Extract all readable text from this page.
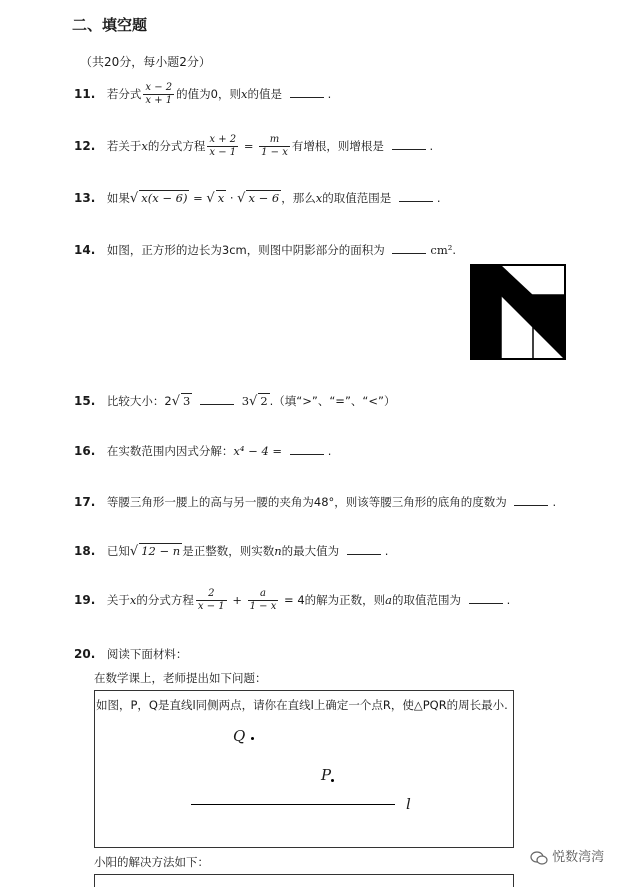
二、填空题
（共20分，每小题2分）
11. 若分式 $\frac{x - 2}{x + 1}$ 的值为0，则x的值是	.
12. 若关于x的分式方程 $\frac{x + 2}{x - 1} = \frac{m}{1 - x}$ 有增根，则增根是	.
13. 如果√ x(x − 6) = √ x · √ x − 6 ，那么x的取值范围是	.
14. 如图，正方形的边长为3cm，则图中阴影部分的面积为	cm².
15. 比较大小：2√ 3	3√ 2 .（填“>”、“=”、“<”）
16. 在实数范围内因式分解：x⁴ − 4 =	.
17. 等腰三角形一腰上的高与另一腰的夹角为48°，则该等腰三角形的底角的度数为	.
18. 已知√ 12 − n 是正整数，则实数n的最大值为	.
19. 关于x的分式方程 $\frac{2}{x - 1} + \frac{a}{1 - x} = 4$的解为正数，则a的取值范围为	.
20. 阅读下面材料：
在数学课上，老师提出如下问题：
如图，P，Q是直线l同侧两点，请你在直线l上确定一个点R，使△PQR的周长最小.
Q
P
l
小阳的解决方法如下：	悦数湾湾
